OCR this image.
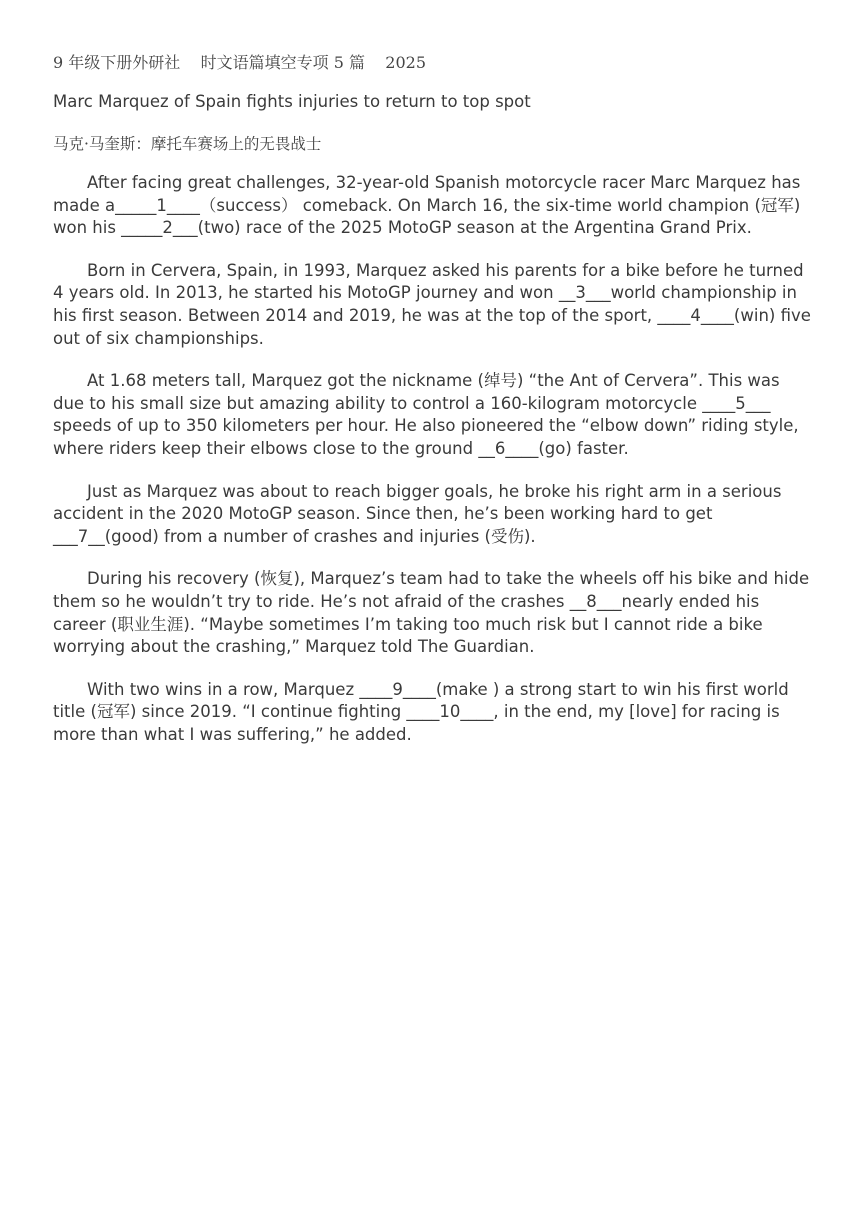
9 年级下册外研社    时文语篇填空专项 5 篇    2025

Marc Marquez of Spain fights injuries to return to top spot

马克·马奎斯：摩托车赛场上的无畏战士

After facing great challenges, 32-year-old Spanish motorcycle racer Marc Marquez has made a_____1____（success） comeback. On March 16, the six-time world champion (冠军) won his _____2___(two) race of the 2025 MotoGP season at the Argentina Grand Prix.

Born in Cervera, Spain, in 1993, Marquez asked his parents for a bike before he turned 4 years old. In 2013, he started his MotoGP journey and won __3___world championship in his first season. Between 2014 and 2019, he was at the top of the sport, ____4____(win) five out of six championships.

At 1.68 meters tall, Marquez got the nickname (绰号) “the Ant of Cervera”. This was due to his small size but amazing ability to control a 160-kilogram motorcycle ____5___ speeds of up to 350 kilometers per hour. He also pioneered the “elbow down” riding style, where riders keep their elbows close to the ground __6____(go) faster.

Just as Marquez was about to reach bigger goals, he broke his right arm in a serious accident in the 2020 MotoGP season. Since then, he’s been working hard to get ___7__(good) from a number of crashes and injuries (受伤).

During his recovery (恢复), Marquez’s team had to take the wheels off his bike and hide them so he wouldn’t try to ride. He’s not afraid of the crashes __8___nearly ended his career (职业生涯). “Maybe sometimes I’m taking too much risk but I cannot ride a bike worrying about the crashing,” Marquez told The Guardian.

With two wins in a row, Marquez ____9____(make ) a strong start to win his first world title (冠军) since 2019. “I continue fighting ____10____, in the end, my [love] for racing is more than what I was suffering,” he added.
